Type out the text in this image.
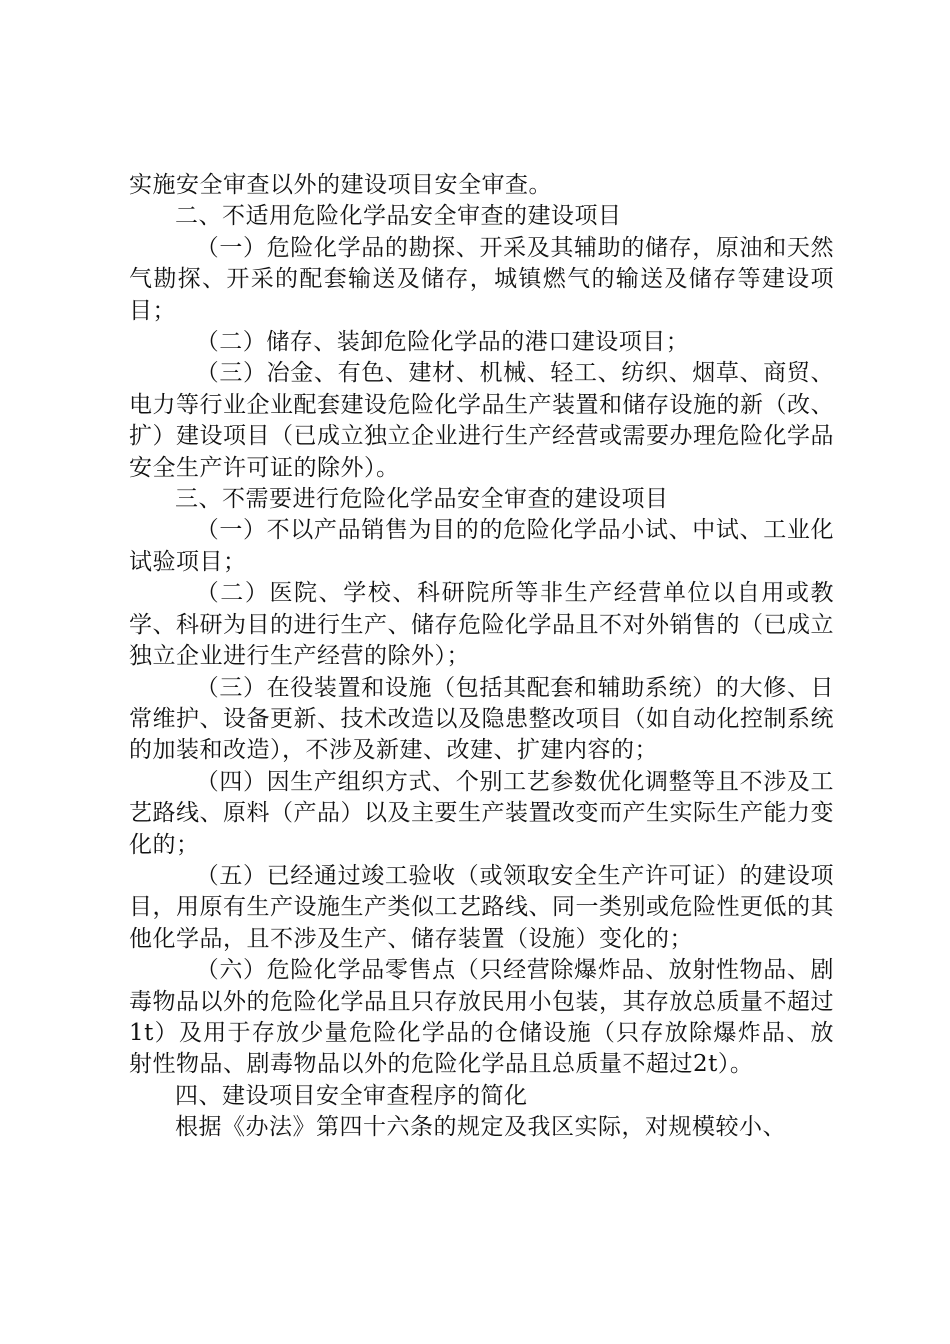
实施安全审查以外的建设项目安全审查。

二、不适用危险化学品安全审查的建设项目

（一）危险化学品的勘探、开采及其辅助的储存，原油和天然气勘探、开采的配套输送及储存，城镇燃气的输送及储存等建设项目；

（二）储存、装卸危险化学品的港口建设项目；

（三）冶金、有色、建材、机械、轻工、纺织、烟草、商贸、电力等行业企业配套建设危险化学品生产装置和储存设施的新（改、扩）建设项目（已成立独立企业进行生产经营或需要办理危险化学品安全生产许可证的除外）。

三、不需要进行危险化学品安全审查的建设项目

（一）不以产品销售为目的的危险化学品小试、中试、工业化试验项目；

（二）医院、学校、科研院所等非生产经营单位以自用或教学、科研为目的进行生产、储存危险化学品且不对外销售的（已成立独立企业进行生产经营的除外）；

（三）在役装置和设施（包括其配套和辅助系统）的大修、日常维护、设备更新、技术改造以及隐患整改项目（如自动化控制系统的加装和改造），不涉及新建、改建、扩建内容的；

（四）因生产组织方式、个别工艺参数优化调整等且不涉及工艺路线、原料（产品）以及主要生产装置改变而产生实际生产能力变化的；

（五）已经通过竣工验收（或领取安全生产许可证）的建设项目，用原有生产设施生产类似工艺路线、同一类别或危险性更低的其他化学品，且不涉及生产、储存装置（设施）变化的；

（六）危险化学品零售点（只经营除爆炸品、放射性物品、剧毒物品以外的危险化学品且只存放民用小包装，其存放总质量不超过1t）及用于存放少量危险化学品的仓储设施（只存放除爆炸品、放射性物品、剧毒物品以外的危险化学品且总质量不超过2t）。

四、建设项目安全审查程序的简化

根据《办法》第四十六条的规定及我区实际，对规模较小、
